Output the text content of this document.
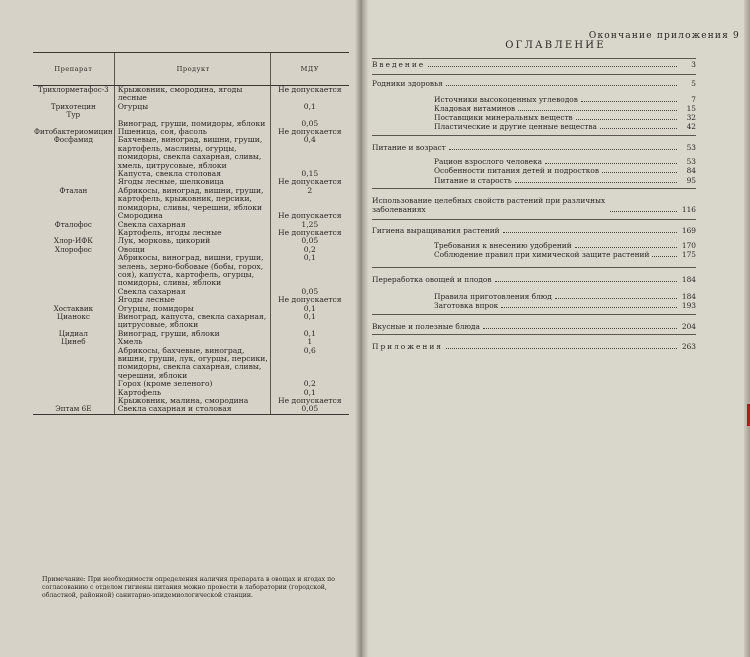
Окончание приложения 9
Препарат	Продукт	МДУ

Трихлорметафос-3	Крыжовник, смородина, ягоды лесные	Не допускается

Трихотецин
Тур	Огурцы	0,1
	Виноград, груши, помидоры, яблоки	0,05

Фитобактериомицин	Пшеница, соя, фасоль	Не допускается

Фосфамид	Бахчевые, виноград, вишни, груши, картофель, маслины, огурцы, помидоры, свекла сахарная, сливы, хмель, цитрусовые, яблоки	0,4
	Капуста, свекла столовая	0,15
	Ягоды лесные, шелковица	Не допускается

Фталан	Абрикосы, виноград, вишни, груши, картофель, крыжовник, персики, помидоры, сливы, черешни, яблоки	2
	Смородина	Не допускается

Фталофос	Свекла сахарная	1,25
	Картофель, ягоды лесные	Не допускается

Хлор-ИФК	Лук, морковь, цикорий	0,05

Хлорофос	Овощи	0,2
	Абрикосы, виноград, вишни, груши, зелень, зерно-бобовые (бобы, горох, соя), капуста, картофель, огурцы, помидоры, сливы, яблоки	0,1
	Свекла сахарная	0,05
	Ягоды лесные	Не допускается

Хостаквик	Огурцы, помидоры	0,1

Цианокс	Виноград, капуста, свекла сахарная, цитрусовые, яблоки	0,1

Цидиал	Виноград, груши, яблоки	0,1

Цинеб	Хмель	1
	Абрикосы, бахчевые, виноград, вишни, груши, лук, огурцы, персики, помидоры, свекла сахарная, сливы, черешни, яблоки	0,6
	Горох (кроме зеленого)	0,2
	Картофель	0,1
	Крыжовник, малина, смородина	Не допускается

Эптам 6Е	Свекла сахарная и столовая	0,05
Примечание: При необходимости определения наличия препарата в овощах и ягодах по согласованию с отделом гигиены питания можно провести в лаборатории (городской, областной, районной) санитарно-эпидемиологической станции.
ОГЛАВЛЕНИЕ
Введение	3
Родники здоровья	5
Источники высокоценных углеводов	7
Кладовая витаминов	15
Поставщики минеральных веществ	32
Пластические и другие ценные вещества	42
Питание и возраст	53
Рацион взрослого человека	53
Особенности питания детей и подростков	84
Питание и старость	95
Использование целебных свойств растений при различных заболеваниях	116
Гигиена выращивания растений	169
Требования к внесению удобрений	170
Соблюдение правил при химической защите растений	175
Переработка овощей и плодов	184
Правила приготовления блюд	184
Заготовка впрок	193
Вкусные и полезные блюда	204
Приложения	263
